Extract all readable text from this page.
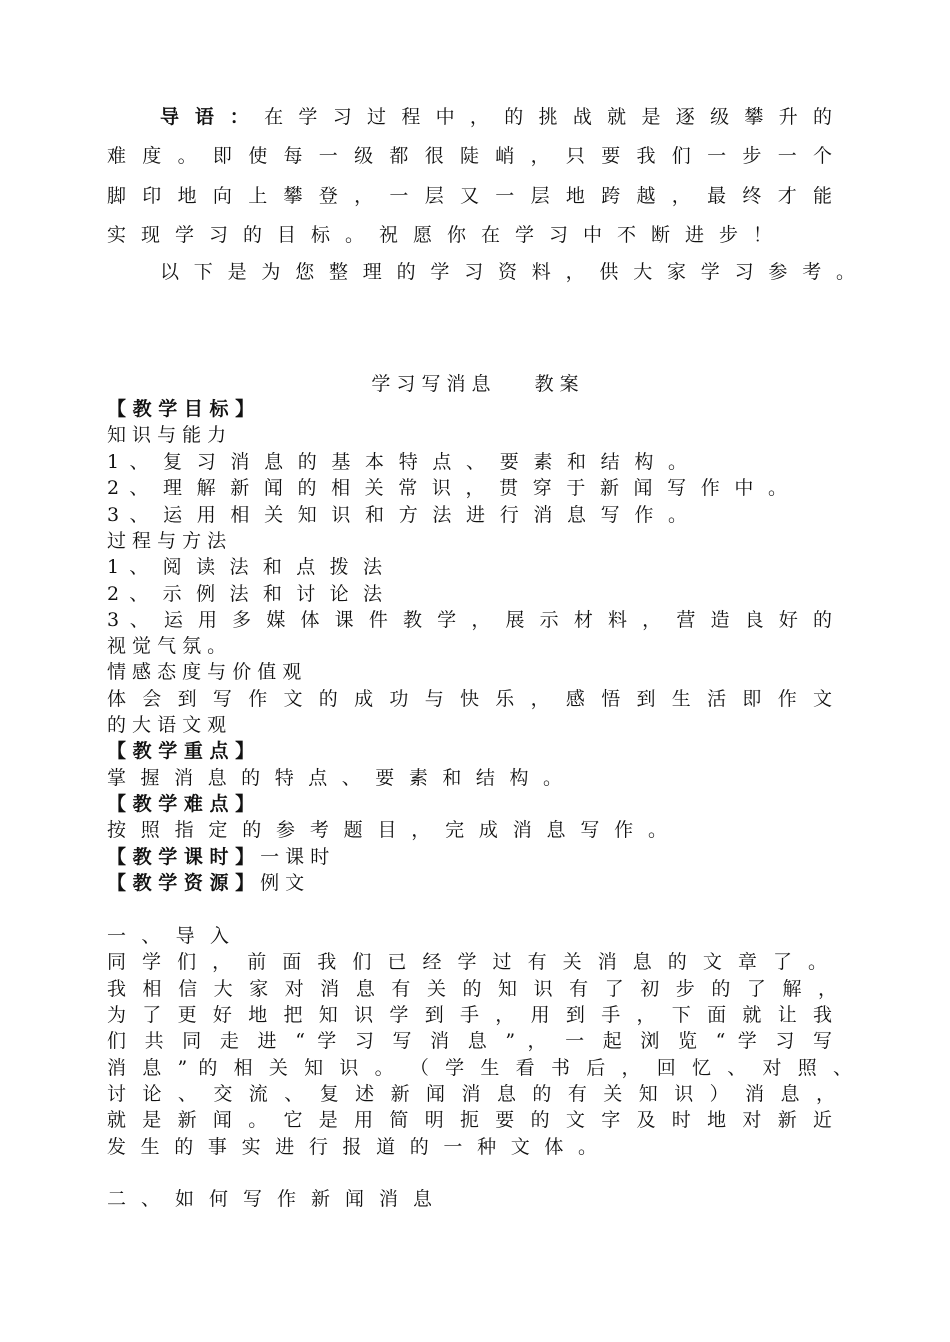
导 语 ： 在 学 习 过 程 中 ， 的 挑 战 就 是 逐 级 攀 升 的
难 度 。 即 使 每 一 级 都 很 陡 峭 ， 只 要 我 们 一 步 一 个
脚 印 地 向 上 攀 登 ， 一 层 又 一 层 地 跨 越 ， 最 终 才 能
实 现 学 习 的 目 标 。 祝 愿 你 在 学 习 中 不 断 进 步 ！
以 下 是 为 您 整 理 的 学 习 资 料 ， 供 大 家 学 习 参 考 。
学 习 写 消 息　　 教 案
【 教 学 目 标 】
知 识 与 能 力
1 、 复 习 消 息 的 基 本 特 点 、 要 素 和 结 构 。
2 、 理 解 新 闻 的 相 关 常 识 ， 贯 穿 于 新 闻 写 作 中 。
3 、 运 用 相 关 知 识 和 方 法 进 行 消 息 写 作 。
过 程 与 方 法
1 、 阅 读 法 和 点 拨 法
2 、 示 例 法 和 讨 论 法
3 、 运 用 多 媒 体 课 件 教 学 ， 展 示 材 料 ， 营 造 良 好 的
视 觉 气 氛 。
情 感 态 度 与 价 值 观
体 会 到 写 作 文 的 成 功 与 快 乐 ， 感 悟 到 生 活 即 作 文
的 大 语 文 观
【 教 学 重 点 】
掌 握 消 息 的 特 点 、 要 素 和 结 构 。
【 教 学 难 点 】
按 照 指 定 的 参 考 题 目 ， 完 成 消 息 写 作 。
【 教 学 课 时 】 一 课 时
【 教 学 资 源 】 例 文
一 、 导 入
同 学 们 ， 前 面 我 们 已 经 学 过 有 关 消 息 的 文 章 了 。
我 相 信 大 家 对 消 息 有 关 的 知 识 有 了 初 步 的 了 解 ，
为 了 更 好 地 把 知 识 学 到 手 ， 用 到 手 ， 下 面 就 让 我
们 共 同 走 进 “ 学 习 写 消 息 ” ， 一 起 浏 览 “ 学 习 写
消 息 ” 的 相 关 知 识 。 （ 学 生 看 书 后 ， 回 忆 、 对 照 、
讨 论 、 交 流 、 复 述 新 闻 消 息 的 有 关 知 识 ） 消 息 ，
就 是 新 闻 。 它 是 用 简 明 扼 要 的 文 字 及 时 地 对 新 近
发 生 的 事 实 进 行 报 道 的 一 种 文 体 。
二 、 如 何 写 作 新 闻 消 息
